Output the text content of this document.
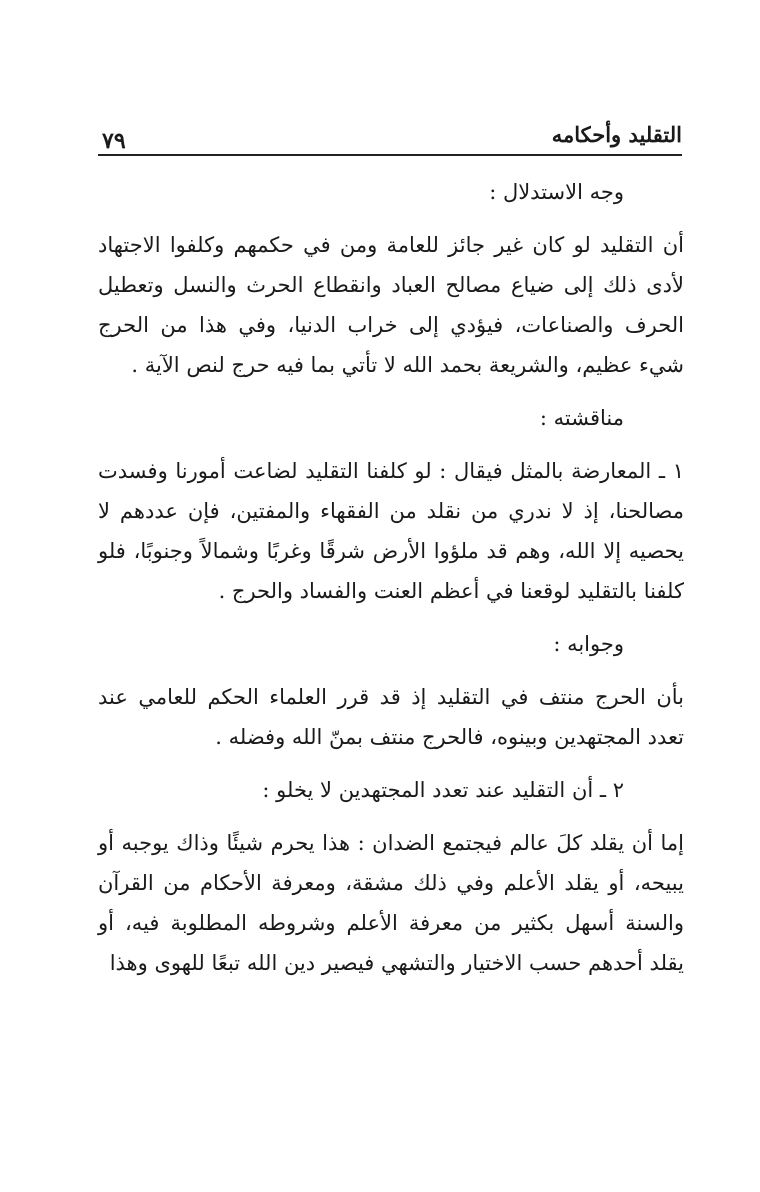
التقليد وأحكامه
٧٩

وجه الاستدلال :

أن التقليد لو كان غير جائز للعامة ومن في حكمهم وكلفوا الاجتهاد لأدى ذلك إلى ضياع مصالح العباد وانقطاع الحرث والنسل وتعطيل الحرف والصناعات، فيؤدي إلى خراب الدنيا، وفي هذا من الحرج شيء عظيم، والشريعة بحمد الله لا تأتي بما فيه حرج لنص الآية .

مناقشته :

١ ـ المعارضة بالمثل فيقال : لو كلفنا التقليد لضاعت أمورنا وفسدت مصالحنا، إذ لا ندري من نقلد من الفقهاء والمفتين، فإن عددهم لا يحصيه إلا الله، وهم قد ملؤوا الأرض شرقًا وغربًا وشمالاً وجنوبًا، فلو كلفنا بالتقليد لوقعنا في أعظم العنت والفساد والحرج .

وجوابه :

بأن الحرج منتف في التقليد إذ قد قرر العلماء الحكم للعامي عند تعدد المجتهدين وبينوه، فالحرج منتف بمنّ الله وفضله .

٢ ـ أن التقليد عند تعدد المجتهدين لا يخلو :

إما أن يقلد كلَ عالم فيجتمع الضدان : هذا يحرم شيئًا وذاك يوجبه أو يبيحه، أو يقلد الأعلم وفي ذلك مشقة، ومعرفة الأحكام من القرآن والسنة أسهل بكثير من معرفة الأعلم وشروطه المطلوبة فيه، أو يقلد أحدهم حسب الاختيار والتشهي فيصير دين الله تبعًا للهوى وهذا
